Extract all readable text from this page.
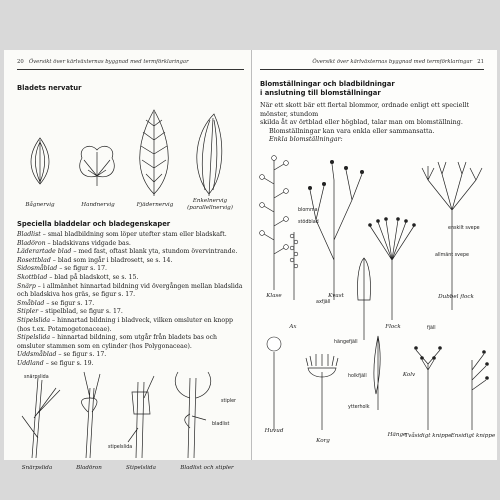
20 Översikt över kärlväxternas byggnad med termförklaringar
Bladets nervatur
Bågnervig	Handnervig	Fjädernervig
Enkelnervig
(parallellnervig)
Speciella bladdelar och bladegenskaper

Bladlist – smal bladbildning som löper utefter stam eller bladskaft.

Bladöron – bladskivans vidgade bas.

Läderartade blad – med fast, oftast blank yta, stundom övervintrande.

Rosettblad – blad som ingår i bladrosett, se s. 14.

Sidosmåblad – se figur s. 17.

Skottblad – blad på bladskott, se s. 15.

Snärp – i allmänhet hinnartad bildning vid övergången mellan bladslida och bladskiva hos gräs, se figur s. 17.

Småblad – se figur s. 17.

Stipler – stipelblad, se figur s. 17.

Stipelslida – hinnartad bildning i bladveck, vilken omsluter en knopp (hos t.ex. Potamogetonaceae).

Stipelslida – hinnartad bildning, som utgår från bladets bas och omsluter stammen som en cylinder (hos Polygonaceae).

Uddsmåblad – se figur s. 17.

Uddland – se figur s. 19.

snärpslida
stipelslida
stipler
bladlist
Snärpslida	Bladöron	Stipelslida	Bladlist och stipler
Översikt över kärlväxternas byggnad med termförklaringar 21
Blomställningar och bladbildningar
i anslutning till blomställningar

När ett skott bär ett flertal blommor, ordnade enligt ett speciellt mönster, stundom

skilda åt av örtblad eller högblad, talar man om blomställning.

Blomställningar kan vara enkla eller sammansatta.

Enkla blomställningar:

blomma
stödblad
enskilt svepe
allmänt svepe
axfjäll
fjäll
hängefjäll
holkfjäll
ytterholk
Klase	Kvast
Ax	Flock
Dubbel flock
Kolv
Huvud
Korg
Hänge
Tvåsidigt knippe Ensidigt knippe
